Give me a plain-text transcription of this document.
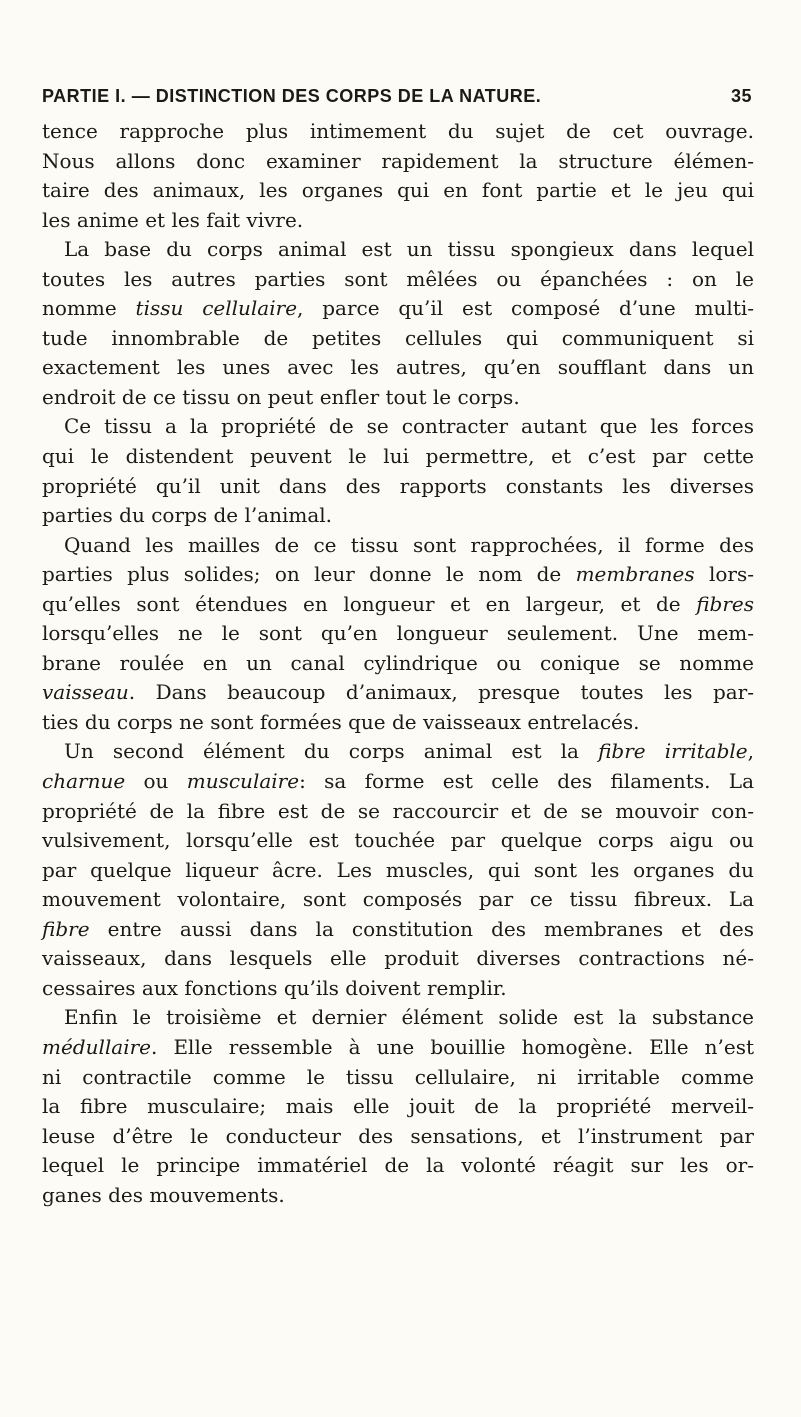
PARTIE I. — DISTINCTION DES CORPS DE LA NATURE.	35
tence rapproche plus intimement du sujet de cet ouvrage.
Nous allons donc examiner rapidement la structure élémen-
taire des animaux, les organes qui en font partie et le jeu qui
les anime et les fait vivre.
La base du corps animal est un tissu spongieux dans lequel
toutes les autres parties sont mêlées ou épanchées : on le
nomme tissu cellulaire, parce qu’il est composé d’une multi-
tude innombrable de petites cellules qui communiquent si
exactement les unes avec les autres, qu’en soufflant dans un
endroit de ce tissu on peut enfler tout le corps.
Ce tissu a la propriété de se contracter autant que les forces
qui le distendent peuvent le lui permettre, et c’est par cette
propriété qu’il unit dans des rapports constants les diverses
parties du corps de l’animal.
Quand les mailles de ce tissu sont rapprochées, il forme des
parties plus solides; on leur donne le nom de membranes lors-
qu’elles sont étendues en longueur et en largeur, et de fibres
lorsqu’elles ne le sont qu’en longueur seulement. Une mem-
brane roulée en un canal cylindrique ou conique se nomme
vaisseau. Dans beaucoup d’animaux, presque toutes les par-
ties du corps ne sont formées que de vaisseaux entrelacés.
Un second élément du corps animal est la fibre irritable,
charnue ou musculaire: sa forme est celle des filaments. La
propriété de la fibre est de se raccourcir et de se mouvoir con-
vulsivement, lorsqu’elle est touchée par quelque corps aigu ou
par quelque liqueur âcre. Les muscles, qui sont les organes du
mouvement volontaire, sont composés par ce tissu fibreux. La
fibre entre aussi dans la constitution des membranes et des
vaisseaux, dans lesquels elle produit diverses contractions né-
cessaires aux fonctions qu’ils doivent remplir.
Enfin le troisième et dernier élément solide est la substance
médullaire. Elle ressemble à une bouillie homogène. Elle n’est
ni contractile comme le tissu cellulaire, ni irritable comme
la fibre musculaire; mais elle jouit de la propriété merveil-
leuse d’être le conducteur des sensations, et l’instrument par
lequel le principe immatériel de la volonté réagit sur les or-
ganes des mouvements.
